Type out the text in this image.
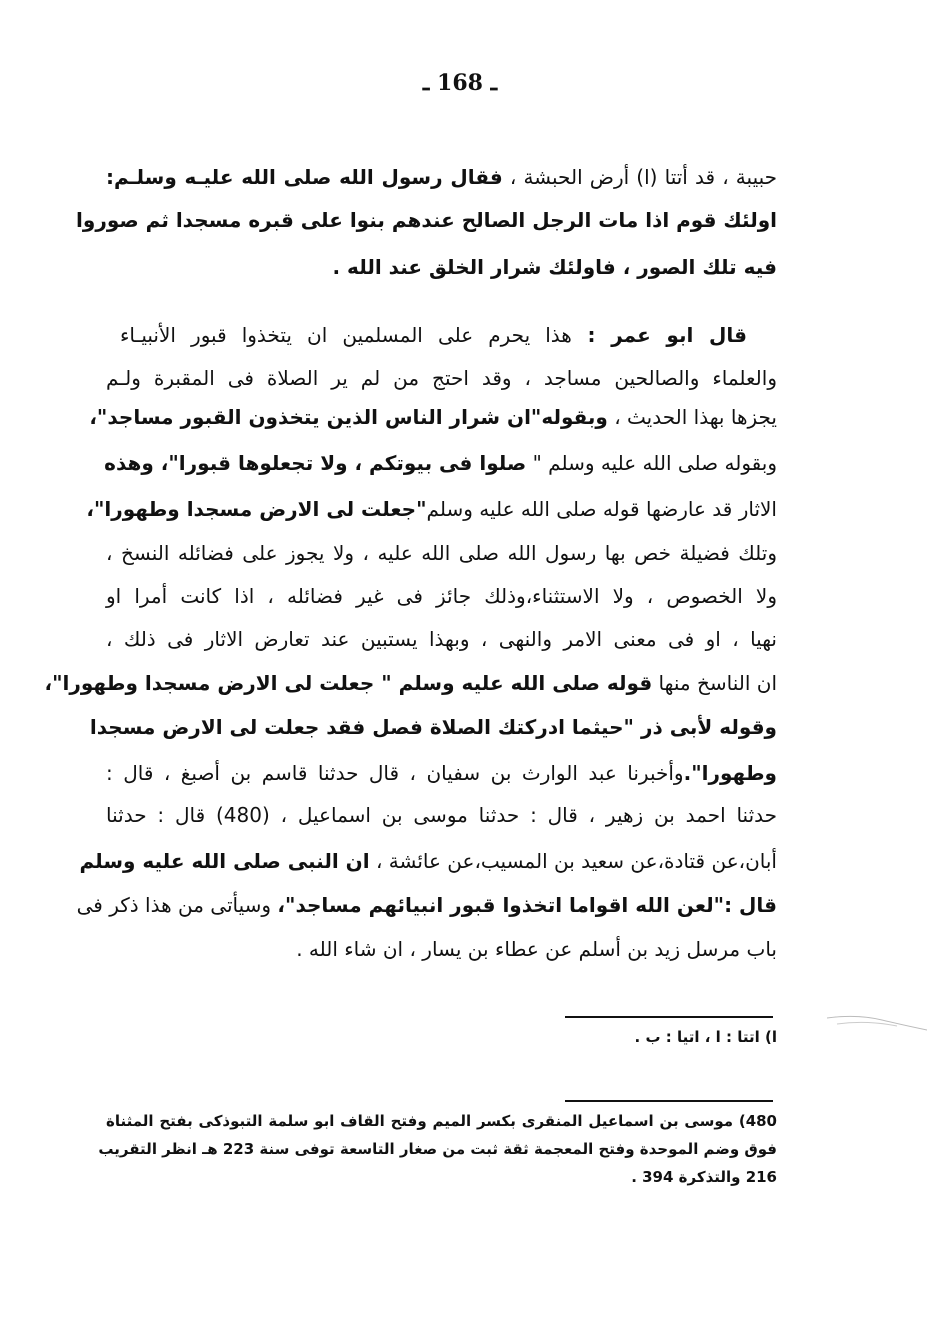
ـ 168 ـ
حبيبة ، قد أتتا (ا) أرض الحبشة ، فقال رسول الله صلى الله عليـه وسلـم:
اولئك قوم اذا مات الرجل الصالح عندهم بنوا على قبره مسجدا ثم صوروا
فيه تلك الصور ، فاولئك شرار الخلق عند الله .
قال ابو عمر : هذا يحرم على المسلمين ان يتخذوا قبور الأنبيـاء
والعلماء والصالحين مساجد ، وقد احتج من لم ير الصلاة فى المقبرة ولـم
يجزها بهذا الحديث ، وبقوله"ان شرار الناس الذين يتخذون القبور مساجد"،
وبقوله صلى الله عليه وسلم " صلوا فى بيوتكم ، ولا تجعلوها قبورا"، وهذه
الاثار قد عارضها قوله صلى الله عليه وسلم"جعلت لى الارض مسجدا وطهورا"،
وتلك فضيلة خص بها رسول الله صلى الله عليه ، ولا يجوز على فضائله النسخ ،
ولا الخصوص ، ولا الاستثناء،وذلك جائز فى غير فضائله ، اذا كانت أمرا او
نهيا ، او فى معنى الامر والنهى ، وبهذا يستبين عند تعارض الاثار فى ذلك ،
ان الناسخ منها قوله صلى الله عليه وسلم " جعلت لى الارض مسجدا وطهورا"،
وقوله لأبى ذر "حيثما ادركتك الصلاة فصل فقد جعلت لى الارض مسجدا
وطهورا".وأخبرنا عبد الوارث بن سفيان ، قال حدثنا قاسم بن أصبغ ، قال :
حدثنا احمد بن زهير ، قال : حدثنا موسى بن اسماعيل ، (480) قال : حدثنا
أبان،عن قتادة،عن سعيد بن المسيب،عن عائشة ، ان النبى صلى الله عليه وسلم
قال :"لعن الله اقواما اتخذوا قبور انبيائهم مساجد"، وسيأتى من هذا ذكر فى
باب مرسل زيد بن أسلم عن عطاء بن يسار ، ان شاء الله .
ا) اتتا : ا ، اتيا : ب .
480) موسى بن اسماعيل المنقرى بكسر الميم وفتح القاف ابو سلمة التبوذكى بفتح المثناة
فوق وضم الموحدة وفتح المعجمة ثقة ثبت من صغار التاسعة توفى سنة 223 هـ انظر التقريب
216 والتذكرة 394 .
